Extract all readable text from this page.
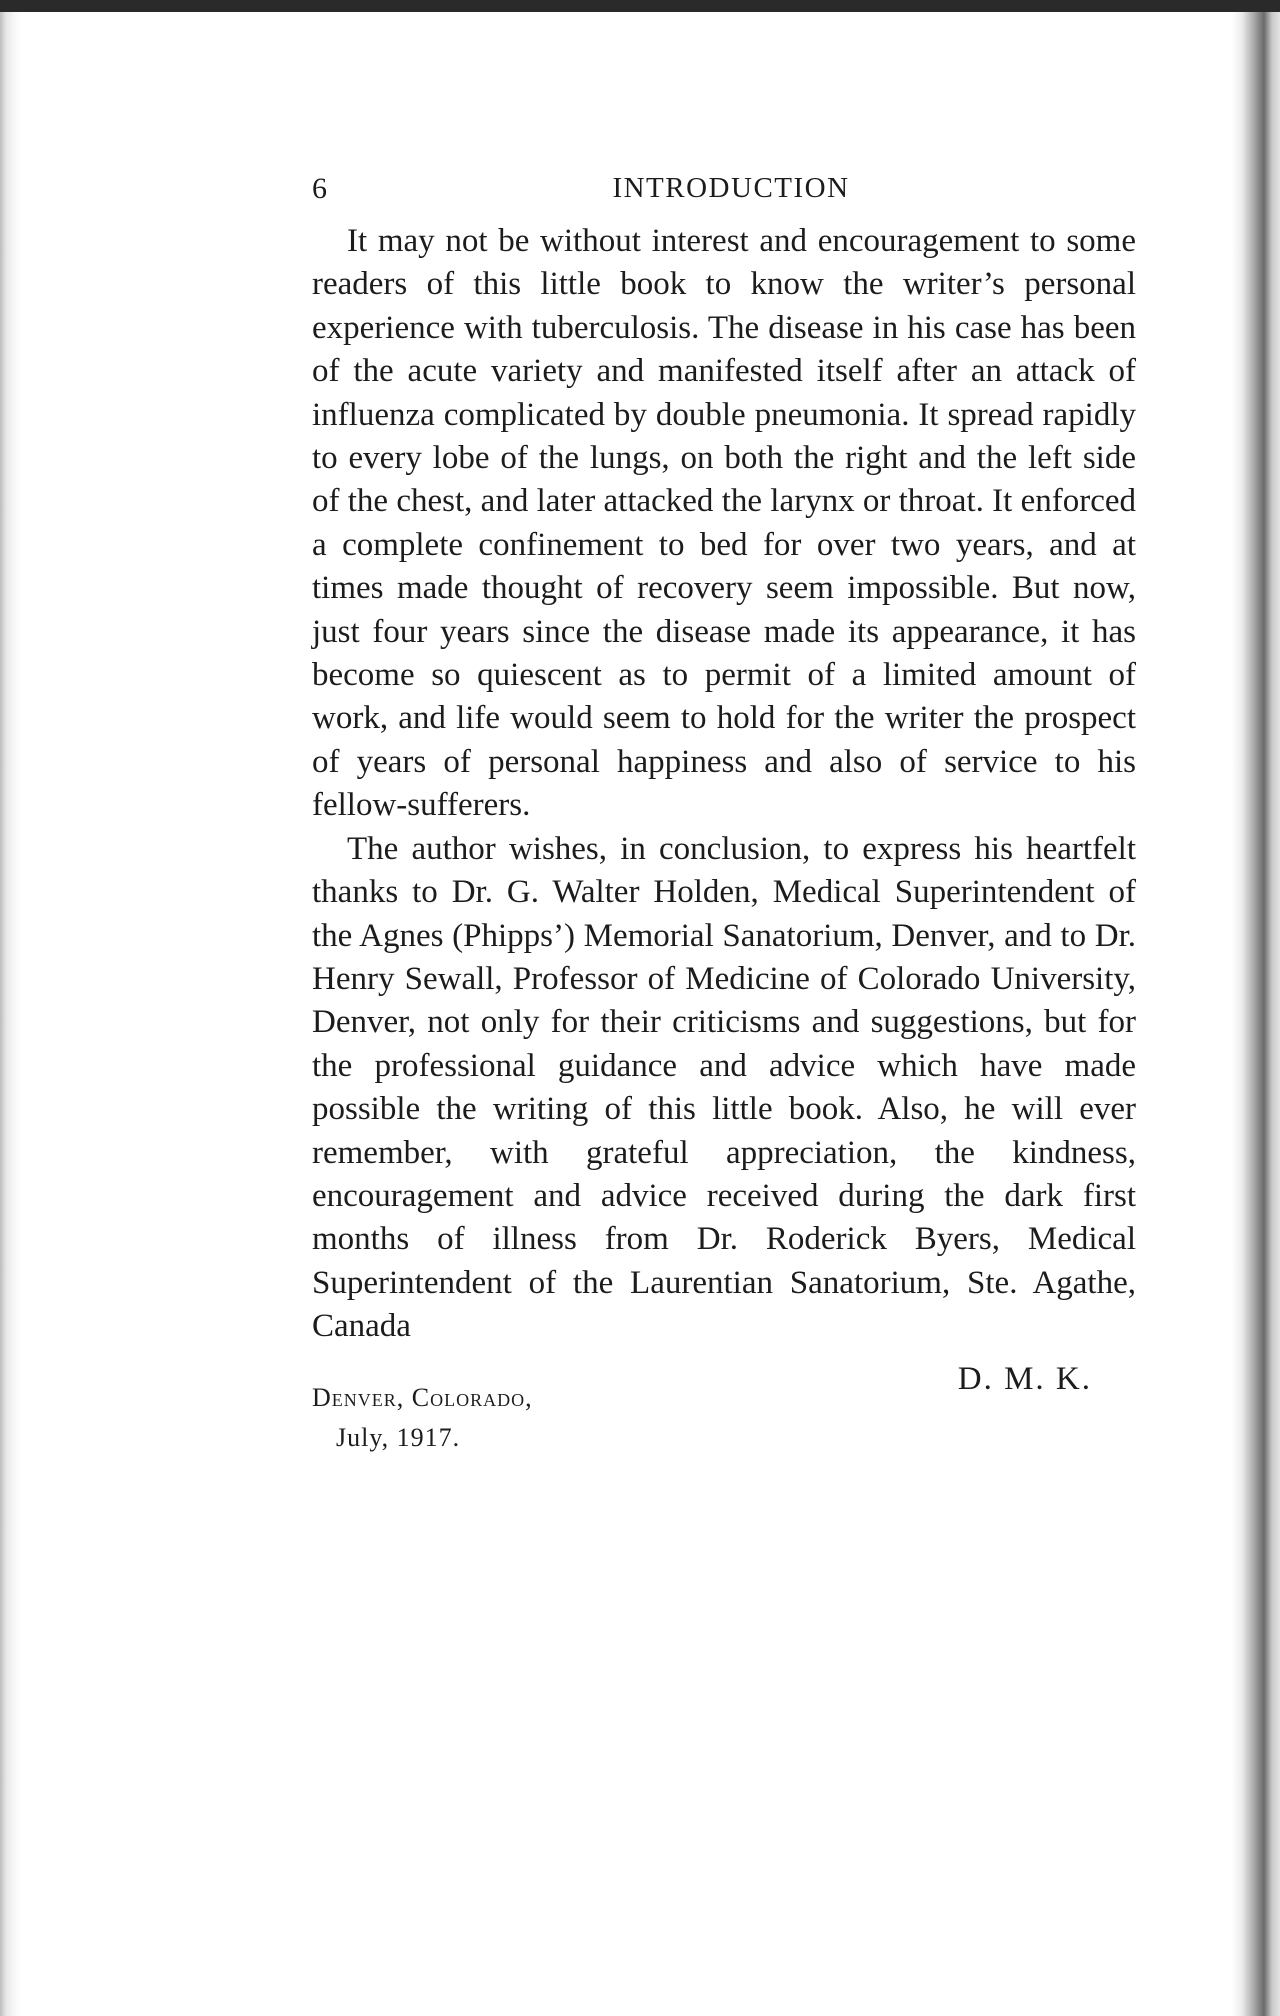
6	INTRODUCTION

It may not be without interest and encouragement to some readers of this little book to know the writer’s personal experience with tuberculosis. The disease in his case has been of the acute variety and manifested itself after an attack of influenza complicated by double pneumonia. It spread rapidly to every lobe of the lungs, on both the right and the left side of the chest, and later attacked the larynx or throat. It enforced a complete confinement to bed for over two years, and at times made thought of recovery seem impossible. But now, just four years since the disease made its appearance, it has become so quiescent as to permit of a limited amount of work, and life would seem to hold for the writer the prospect of years of personal happiness and also of service to his fellow-sufferers.

The author wishes, in conclusion, to express his heartfelt thanks to Dr. G. Walter Holden, Medical Superintendent of the Agnes (Phipps’) Memorial Sanatorium, Denver, and to Dr. Henry Sewall, Professor of Medicine of Colorado University, Denver, not only for their criticisms and suggestions, but for the professional guidance and advice which have made possible the writing of this little book. Also, he will ever remember, with grateful appreciation, the kindness, encouragement and advice received during the dark first months of illness from Dr. Roderick Byers, Medical Superintendent of the Laurentian Sanatorium, Ste. Agathe, Canada

D. M. K.
Denver, Colorado,
July, 1917.
